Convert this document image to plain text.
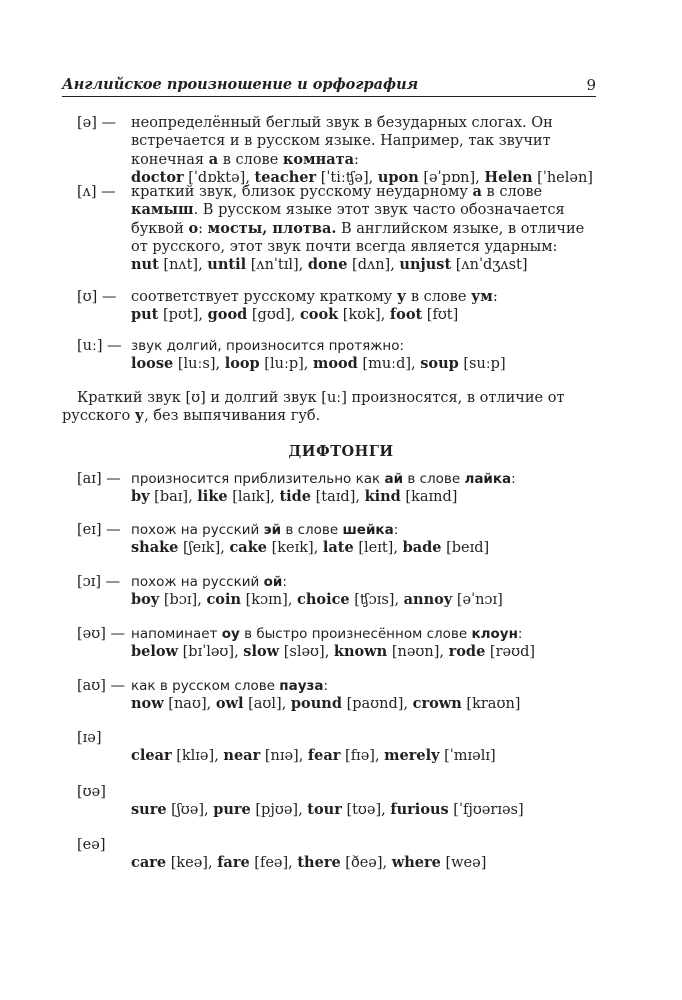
Английское произношение и орфография	9
[ə] — неопределённый беглый звук в безударных слогах. Он встречается и в русском языке. Например, так звучит конечная а в слове комната:
doctor [ˈdɒktə], teacher [ˈtiːʧə], upon [əˈpɒn], Helen [ˈhelən]
[ʌ] — краткий звук, близок русскому неударному а в слове камыш. В русском языке этот звук часто обозначается буквой о: мосты, плотва. В английском языке, в отличие от русского, этот звук почти всегда является ударным:
nut [nʌt], until [ʌnˈtɪl], done [dʌn], unjust [ʌnˈdʒʌst]
[ʊ] — соответствует русскому краткому у в слове ум:
put [pʊt], good [gʊd], cook [kʊk], foot [fʊt]
[uː] — звук долгий, произносится протяжно:
loose [luːs], loop [luːp], mood [muːd], soup [suːp]
Краткий звук [ʊ] и долгий звук [uː] произносятся, в отличие от русского у, без выпячивания губ.
ДИФТОНГИ
[aɪ] — произносится приблизительно как ай в слове лайка:
by [baɪ], like [laɪk], tide [taɪd], kind [kaɪnd]
[eɪ] — похож на русский эй в слове шейка:
shake [ʃeɪk], cake [keɪk], late [leɪt], bade [beɪd]
[ɔɪ] — похож на русский ой:
boy [bɔɪ], coin [kɔɪn], choice [ʧɔɪs], annoy [əˈnɔɪ]
[əʊ] — напоминает оу в быстро произнесённом слове клоун:
below [bɪˈləʊ], slow [sləʊ], known [nəʊn], rode [rəʊd]
[aʊ] — как в русском слове пауза:
now [naʊ], owl [aʊl], pound [paʊnd], crown [kraʊn]
[ɪə]

clear [klɪə], near [nɪə], fear [fɪə], merely [ˈmɪəlɪ]
[ʊə]

sure [ʃʊə], pure [pjʊə], tour [tʊə], furious [ˈfjʊərɪəs]
[eə]

care [keə], fare [feə], there [ðeə], where [weə]
